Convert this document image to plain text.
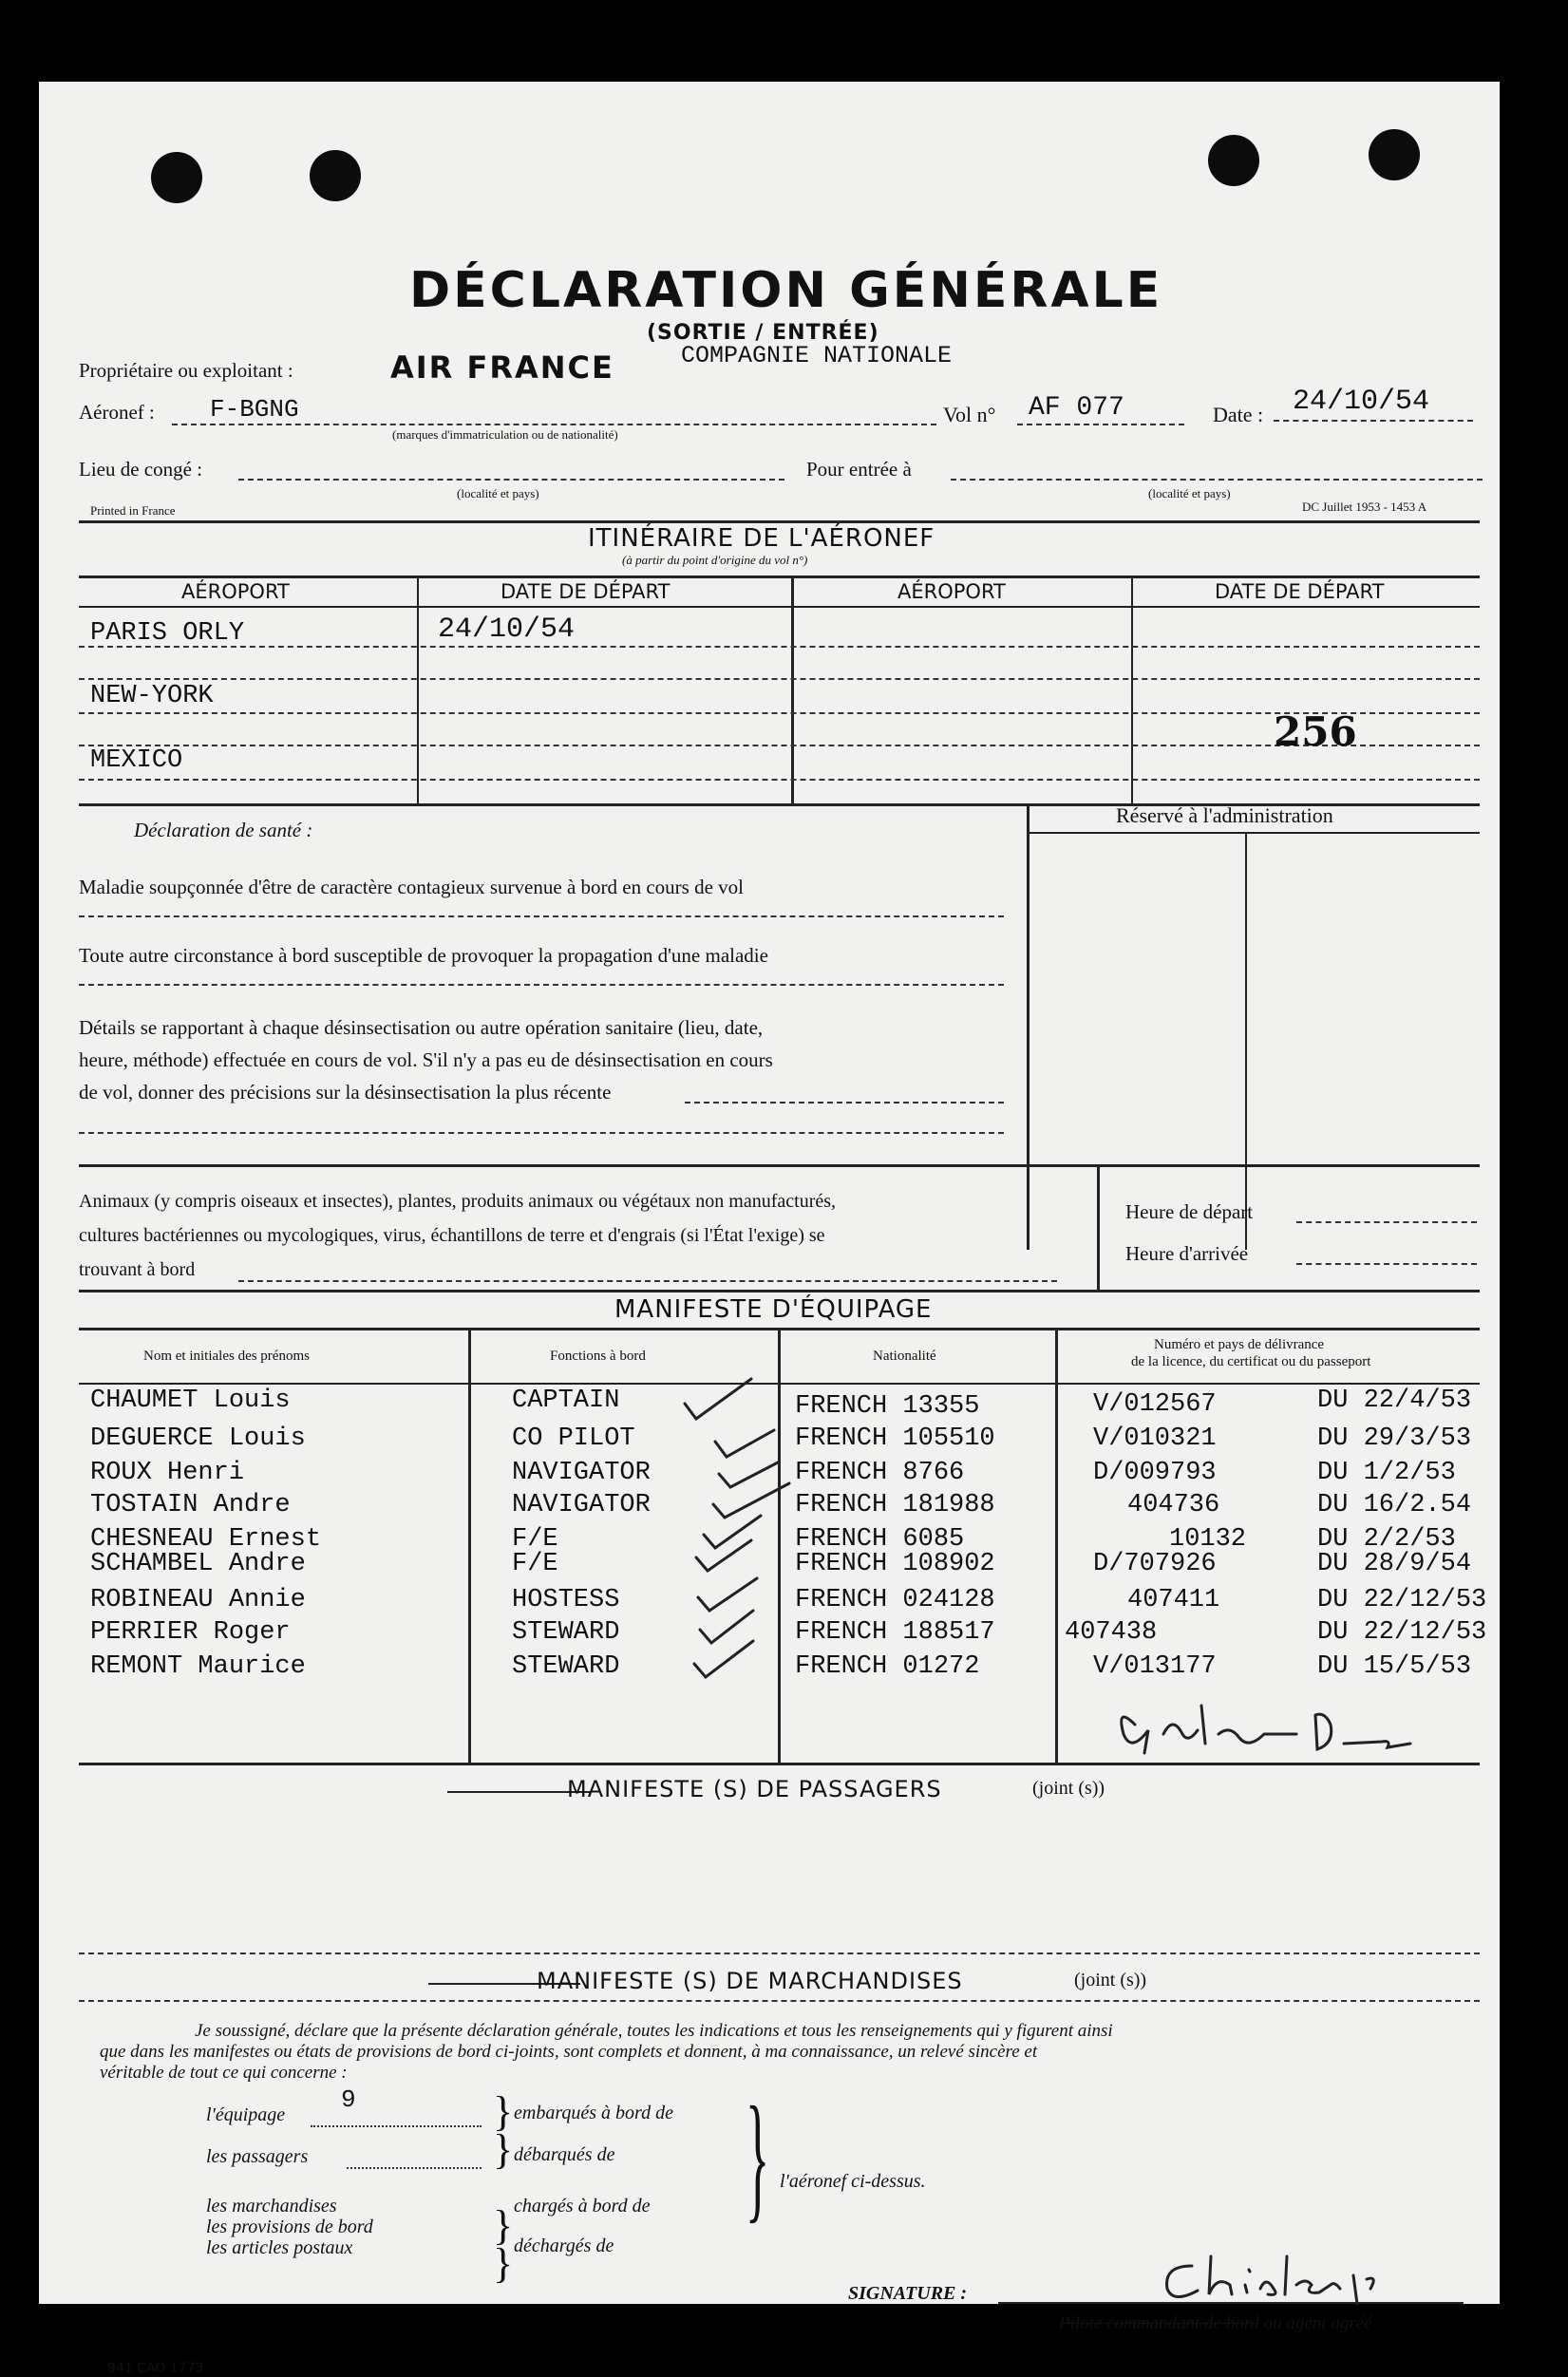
DÉCLARATION GÉNÉRALE
(SORTIE / ENTRÉE)
Propriétaire ou exploitant :	AIR FRANCE	COMPAGNIE NATIONALE
Aéronef : F-BGNG
(marques d'immatriculation ou de nationalité)
Vol n° AF 077	Date : 24/10/54
Lieu de congé :	Pour entrée à
(localité et pays)	(localité et pays)
Printed in France	DC Juillet 1953 - 1453 A
ITINÉRAIRE DE L'AÉRONEF
(à partir du point d'origine du vol n°)
AÉROPORT	DATE DE DÉPART	AÉROPORT	DATE DE DÉPART
PARIS ORLY	24/10/54
NEW-YORK
MEXICO
256
Déclaration de santé :
Maladie soupçonnée d'être de caractère contagieux survenue à bord en cours de vol
Toute autre circonstance à bord susceptible de provoquer la propagation d'une maladie
Détails se rapportant à chaque désinsectisation ou autre opération sanitaire (lieu, date,
heure, méthode) effectuée en cours de vol. S'il n'y a pas eu de désinsectisation en cours
de vol, donner des précisions sur la désinsectisation la plus récente
Réservé à l'administration
Animaux (y compris oiseaux et insectes), plantes, produits animaux ou végétaux non manufacturés,
cultures bactériennes ou mycologiques, virus, échantillons de terre et d'engrais (si l'État l'exige) se
trouvant à bord
Heure de départ
Heure d'arrivée
MANIFESTE D'ÉQUIPAGE
Nom et initiales des prénoms	Fonctions à bord	Nationalité
Numéro et pays de délivrance
de la licence, du certificat ou du passeport
CHAUMET Louis	CAPTAIN	FRENCH 13355	V/012567	DU 22/4/53
DEGUERCE Louis	CO PILOT	FRENCH 105510	V/010321	DU 29/3/53
ROUX Henri	NAVIGATOR	FRENCH 8766	D/009793	DU 1/2/53
TOSTAIN Andre	NAVIGATOR	FRENCH 181988	404736	DU 16/2.54
CHESNEAU Ernest	F/E	FRENCH 6085	10132	DU 2/2/53
SCHAMBEL Andre	F/E	FRENCH 108902	D/707926	DU 28/9/54
ROBINEAU Annie	HOSTESS	FRENCH 024128	407411	DU 22/12/53
PERRIER Roger	STEWARD	FRENCH 188517	407438	DU 22/12/53
REMONT Maurice	STEWARD	FRENCH 01272	V/013177	DU 15/5/53
MANIFESTE (S) DE PASSAGERS	(joint (s))
MANIFESTE (S) DE MARCHANDISES	(joint (s))
Je soussigné, déclare que la présente déclaration générale, toutes les indications et tous les renseignements qui y figurent ainsi
que dans les manifestes ou états de provisions de bord ci-joints, sont complets et donnent, à ma connaissance, un relevé sincère et
véritable de tout ce qui concerne :
l'équipage
9
les passagers
les marchandises
les provisions de bord
les articles postaux
}
}

}
}
embarqués à bord de
débarqués de
chargés à bord de
déchargés de
} l'aéronef ci-dessus.
SIGNATURE :
Pilote commandant de bord ou agent agréé
941 CAO 1773
